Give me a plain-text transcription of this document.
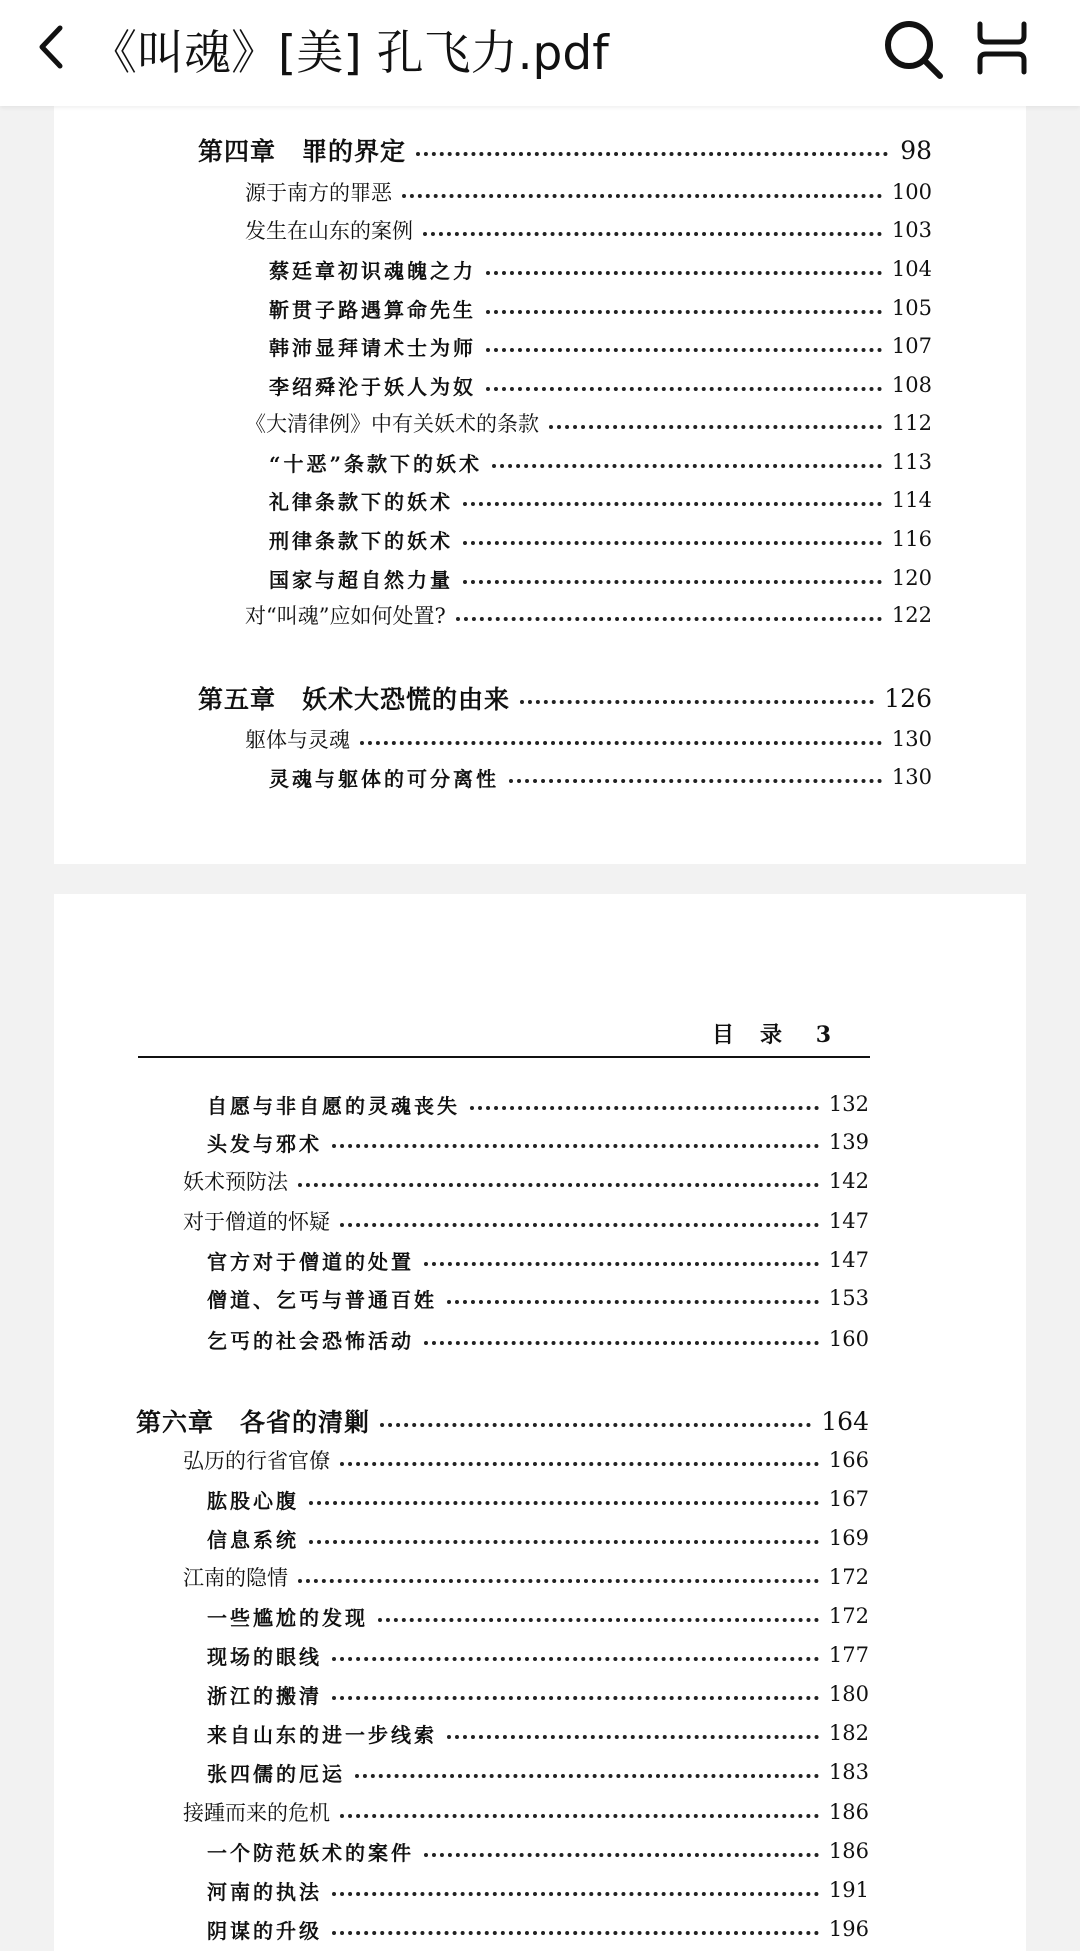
《叫魂》[美] 孔飞力.pdf
第四章　罪的界定	98
源于南方的罪恶	100
发生在山东的案例	103
蔡廷章初识魂魄之力	104
靳贯子路遇算命先生	105
韩沛显拜请术士为师	107
李绍舜沦于妖人为奴	108
《大清律例》中有关妖术的条款	112
“十恶”条款下的妖术	113
礼律条款下的妖术	114
刑律条款下的妖术	116
国家与超自然力量	120
对“叫魂”应如何处置?	122
第五章　妖术大恐慌的由来	126
躯体与灵魂	130
灵魂与躯体的可分离性	130
目　录 3
自愿与非自愿的灵魂丧失	132
头发与邪术	139
妖术预防法	142
对于僧道的怀疑	147
官方对于僧道的处置	147
僧道、乞丐与普通百姓	153
乞丐的社会恐怖活动	160
第六章　各省的清剿	164
弘历的行省官僚	166
肱股心腹	167
信息系统	169
江南的隐情	172
一些尴尬的发现	172
现场的眼线	177
浙江的搬清	180
来自山东的进一步线索	182
张四儒的厄运	183
接踵而来的危机	186
一个防范妖术的案件	186
河南的执法	191
阴谋的升级	196
